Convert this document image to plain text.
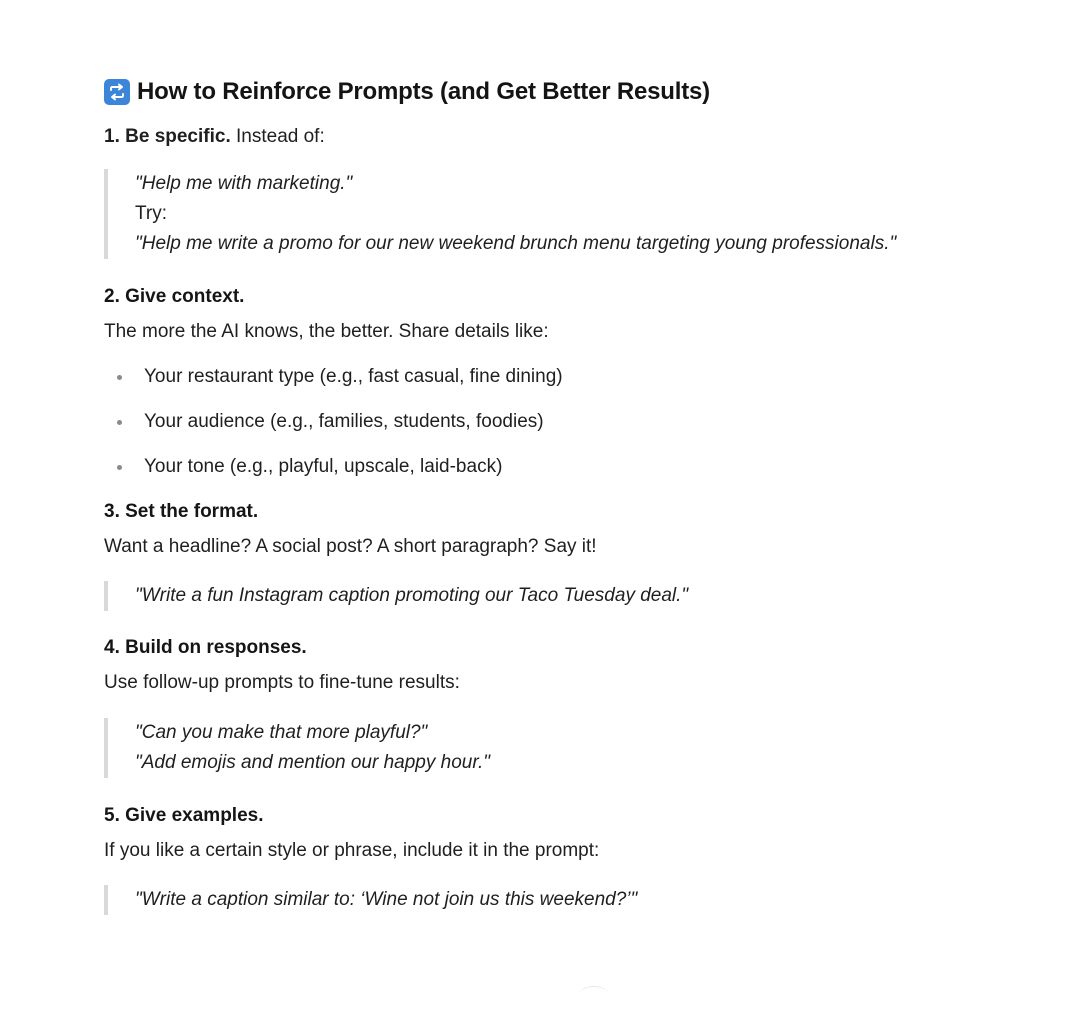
How to Reinforce Prompts (and Get Better Results)

1. Be specific. Instead of:

"Help me with marketing."
Try:
"Help me write a promo for our new weekend brunch menu targeting young professionals."

2. Give context.

The more the AI knows, the better. Share details like:

Your restaurant type (e.g., fast casual, fine dining)
Your audience (e.g., families, students, foodies)
Your tone (e.g., playful, upscale, laid-back)

3. Set the format.

Want a headline? A social post? A short paragraph? Say it!

"Write a fun Instagram caption promoting our Taco Tuesday deal."

4. Build on responses.

Use follow-up prompts to fine-tune results:

"Can you make that more playful?"
"Add emojis and mention our happy hour."

5. Give examples.

If you like a certain style or phrase, include it in the prompt:

"Write a caption similar to: ‘Wine not join us this weekend?’"
